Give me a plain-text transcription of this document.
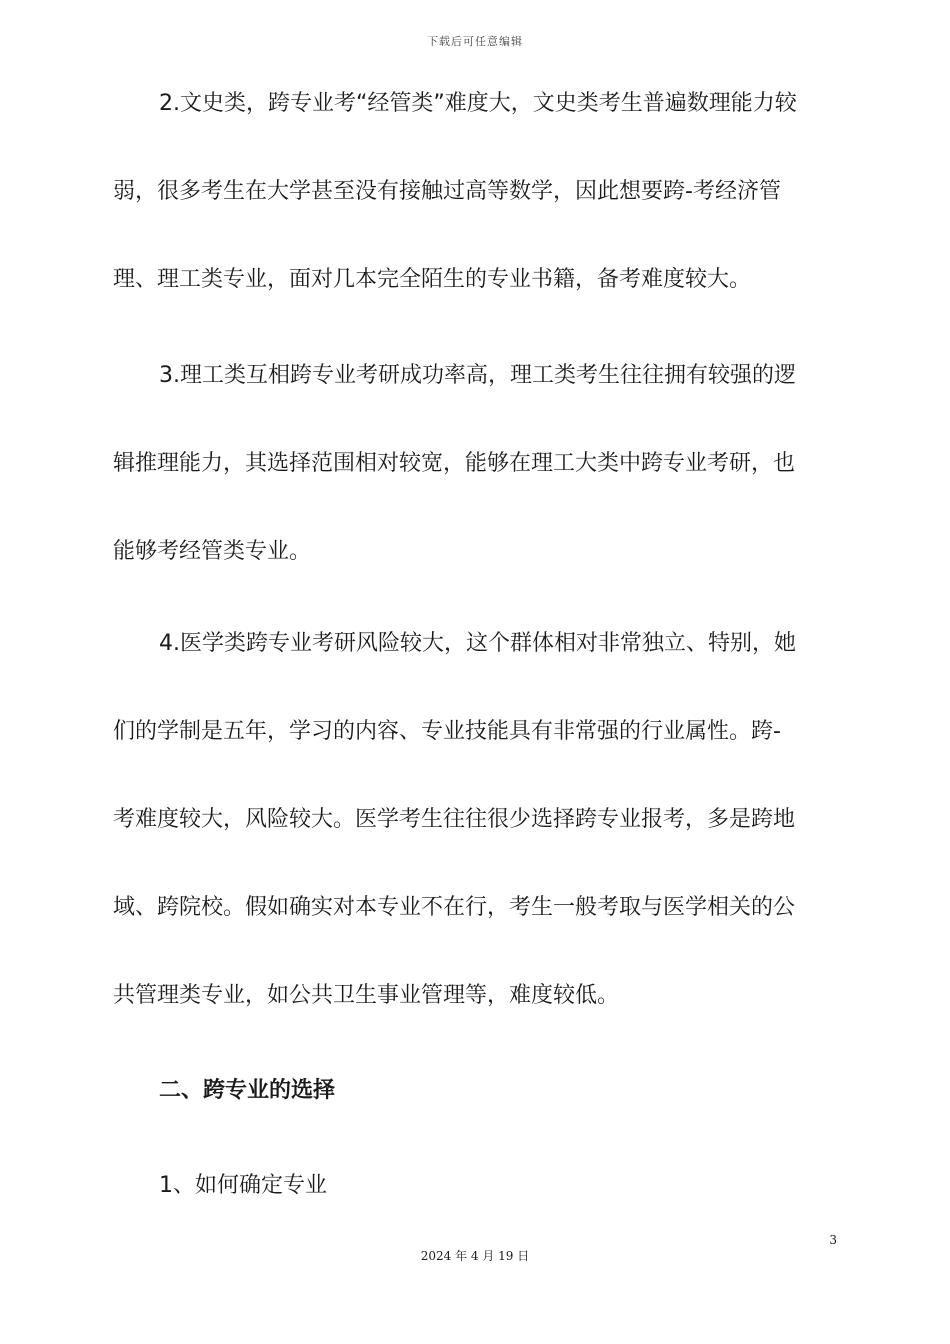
下载后可任意编辑
2.文史类，跨专业考“经管类”难度大，文史类考生普遍数理能力较
弱，很多考生在大学甚至没有接触过高等数学，因此想要跨-考经济管
理、理工类专业，面对几本完全陌生的专业书籍，备考难度较大。
3.理工类互相跨专业考研成功率高，理工类考生往往拥有较强的逻
辑推理能力，其选择范围相对较宽，能够在理工大类中跨专业考研，也
能够考经管类专业。
4.医学类跨专业考研风险较大，这个群体相对非常独立、特别，她
们的学制是五年，学习的内容、专业技能具有非常强的行业属性。跨-
考难度较大，风险较大。医学考生往往很少选择跨专业报考，多是跨地
域、跨院校。假如确实对本专业不在行，考生一般考取与医学相关的公
共管理类专业，如公共卫生事业管理等，难度较低。
二、跨专业的选择
1、如何确定专业
3
2024 年 4 月 19 日
